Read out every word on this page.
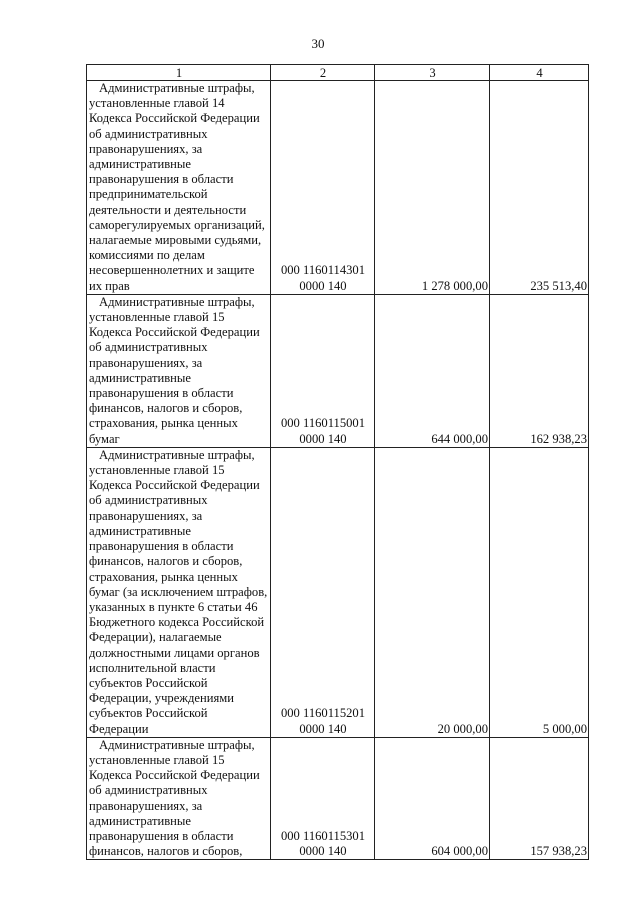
30
1	2	3	4
Административные штрафы, установленные главой 14 Кодекса Российской Федерации об административных правонарушениях, за административные правонарушения в области предпринимательской деятельности и деятельности саморегулируемых организаций, налагаемые мировыми судьями, комиссиями по делам несовершеннолетних и защите их прав	000 1160114301 0000 140	1 278 000,00	235 513,40
Административные штрафы, установленные главой 15 Кодекса Российской Федерации об административных правонарушениях, за административные правонарушения в области финансов, налогов и сборов, страхования, рынка ценных бумаг	000 1160115001 0000 140	644 000,00	162 938,23
Административные штрафы, установленные главой 15 Кодекса Российской Федерации об административных правонарушениях, за административные правонарушения в области финансов, налогов и сборов, страхования, рынка ценных бумаг (за исключением штрафов, указанных в пункте 6 статьи 46 Бюджетного кодекса Российской Федерации), налагаемые должностными лицами органов исполнительной власти субъектов Российской Федерации, учреждениями субъектов Российской Федерации	000 1160115201 0000 140	20 000,00	5 000,00
Административные штрафы, установленные главой 15 Кодекса Российской Федерации об административных правонарушениях, за административные правонарушения в области финансов, налогов и сборов,	000 1160115301 0000 140	604 000,00	157 938,23
